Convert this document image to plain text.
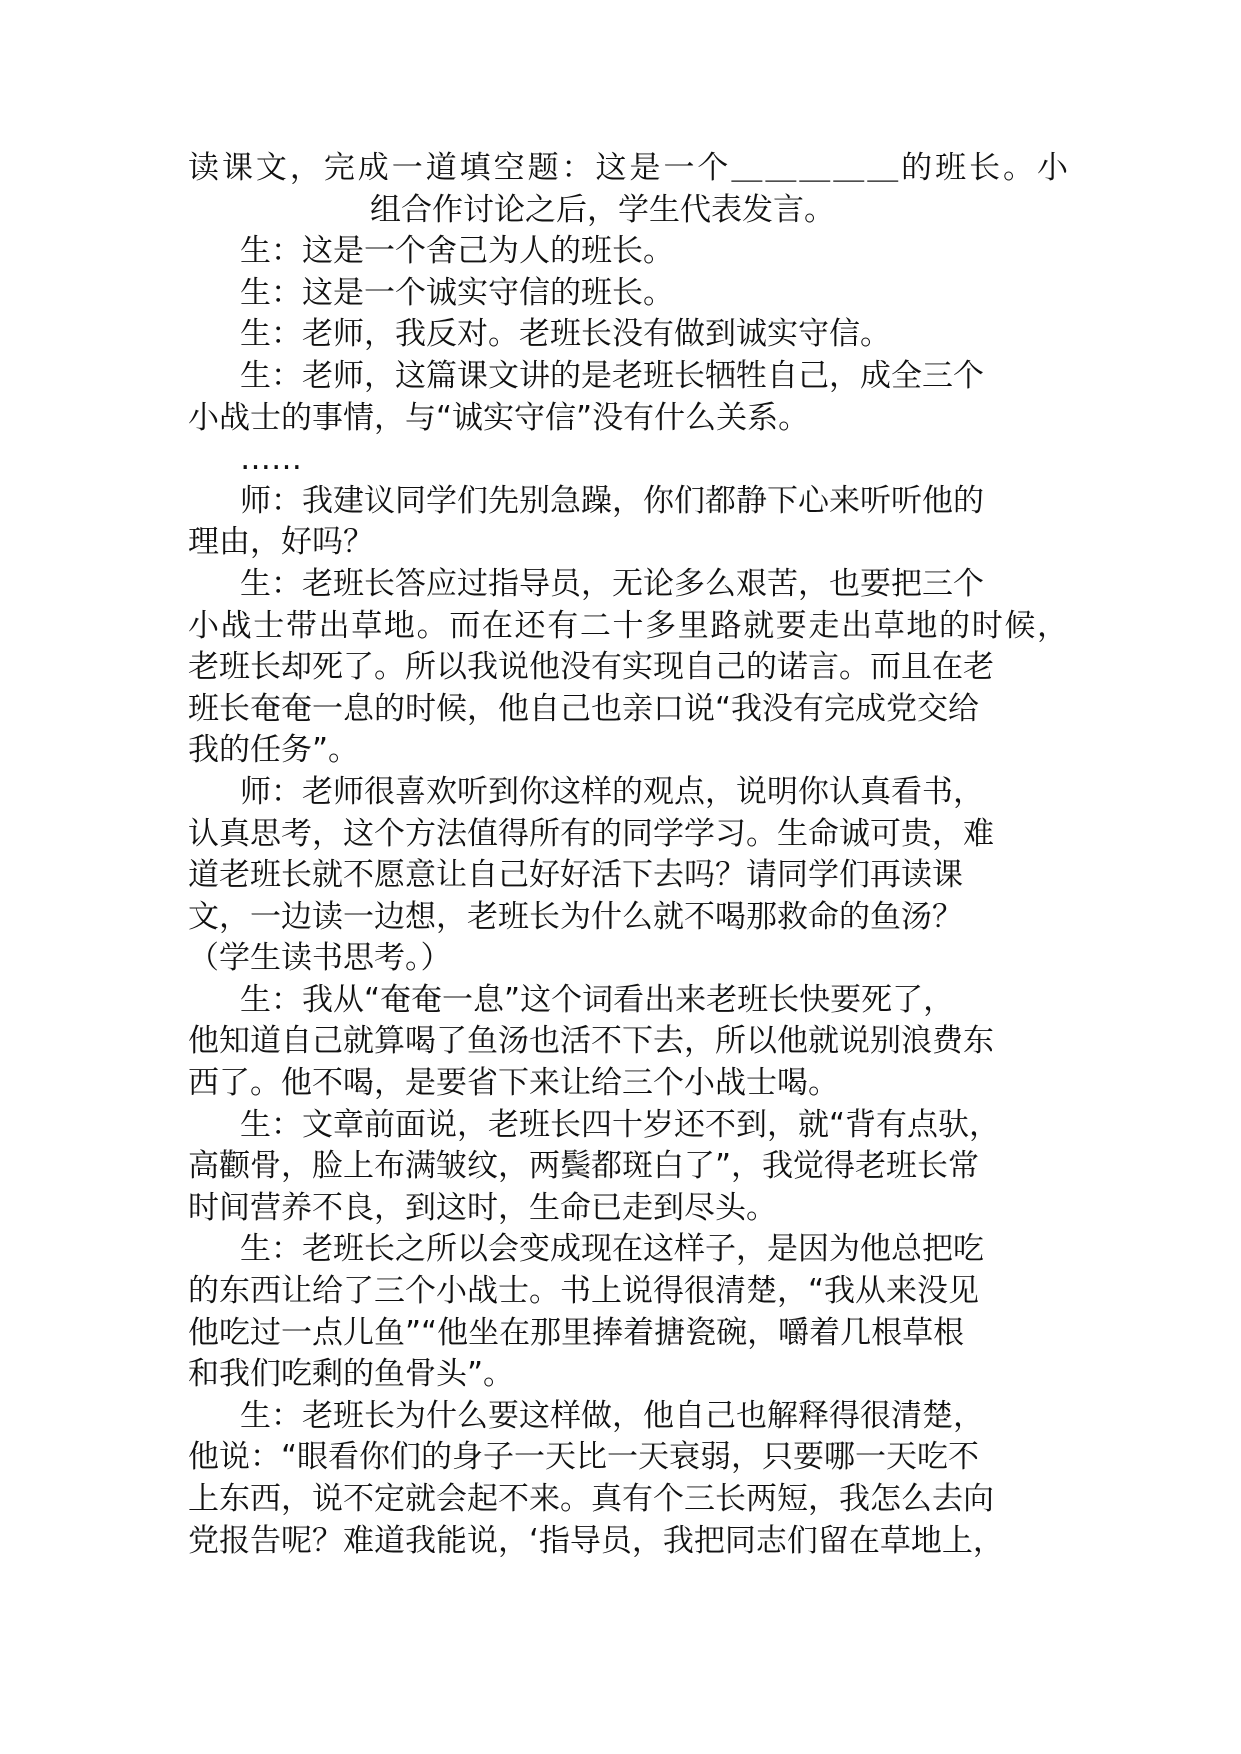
读课文，完成一道填空题：这是一个＿＿＿＿＿的班长。小
组合作讨论之后，学生代表发言。
生：这是一个舍己为人的班长。
生：这是一个诚实守信的班长。
生：老师，我反对。老班长没有做到诚实守信。
生：老师，这篇课文讲的是老班长牺牲自己，成全三个
小战士的事情，与“诚实守信”没有什么关系。
……
师：我建议同学们先别急躁，你们都静下心来听听他的
理由，好吗？
生：老班长答应过指导员，无论多么艰苦，也要把三个
小战士带出草地。而在还有二十多里路就要走出草地的时候，
老班长却死了。所以我说他没有实现自己的诺言。而且在老
班长奄奄一息的时候，他自己也亲口说“我没有完成党交给
我的任务”。
师：老师很喜欢听到你这样的观点，说明你认真看书，
认真思考，这个方法值得所有的同学学习。生命诚可贵，难
道老班长就不愿意让自己好好活下去吗？请同学们再读课
文，一边读一边想，老班长为什么就不喝那救命的鱼汤？
（学生读书思考。）
生：我从“奄奄一息”这个词看出来老班长快要死了，
他知道自己就算喝了鱼汤也活不下去，所以他就说别浪费东
西了。他不喝，是要省下来让给三个小战士喝。
生：文章前面说，老班长四十岁还不到，就“背有点驮，
高颧骨，脸上布满皱纹，两鬓都斑白了”，我觉得老班长常
时间营养不良，到这时，生命已走到尽头。
生：老班长之所以会变成现在这样子，是因为他总把吃
的东西让给了三个小战士。书上说得很清楚，“我从来没见
他吃过一点儿鱼”“他坐在那里捧着搪瓷碗，嚼着几根草根
和我们吃剩的鱼骨头”。
生：老班长为什么要这样做，他自己也解释得很清楚，
他说：“眼看你们的身子一天比一天衰弱，只要哪一天吃不
上东西，说不定就会起不来。真有个三长两短，我怎么去向
党报告呢？难道我能说，‘指导员，我把同志们留在草地上，
